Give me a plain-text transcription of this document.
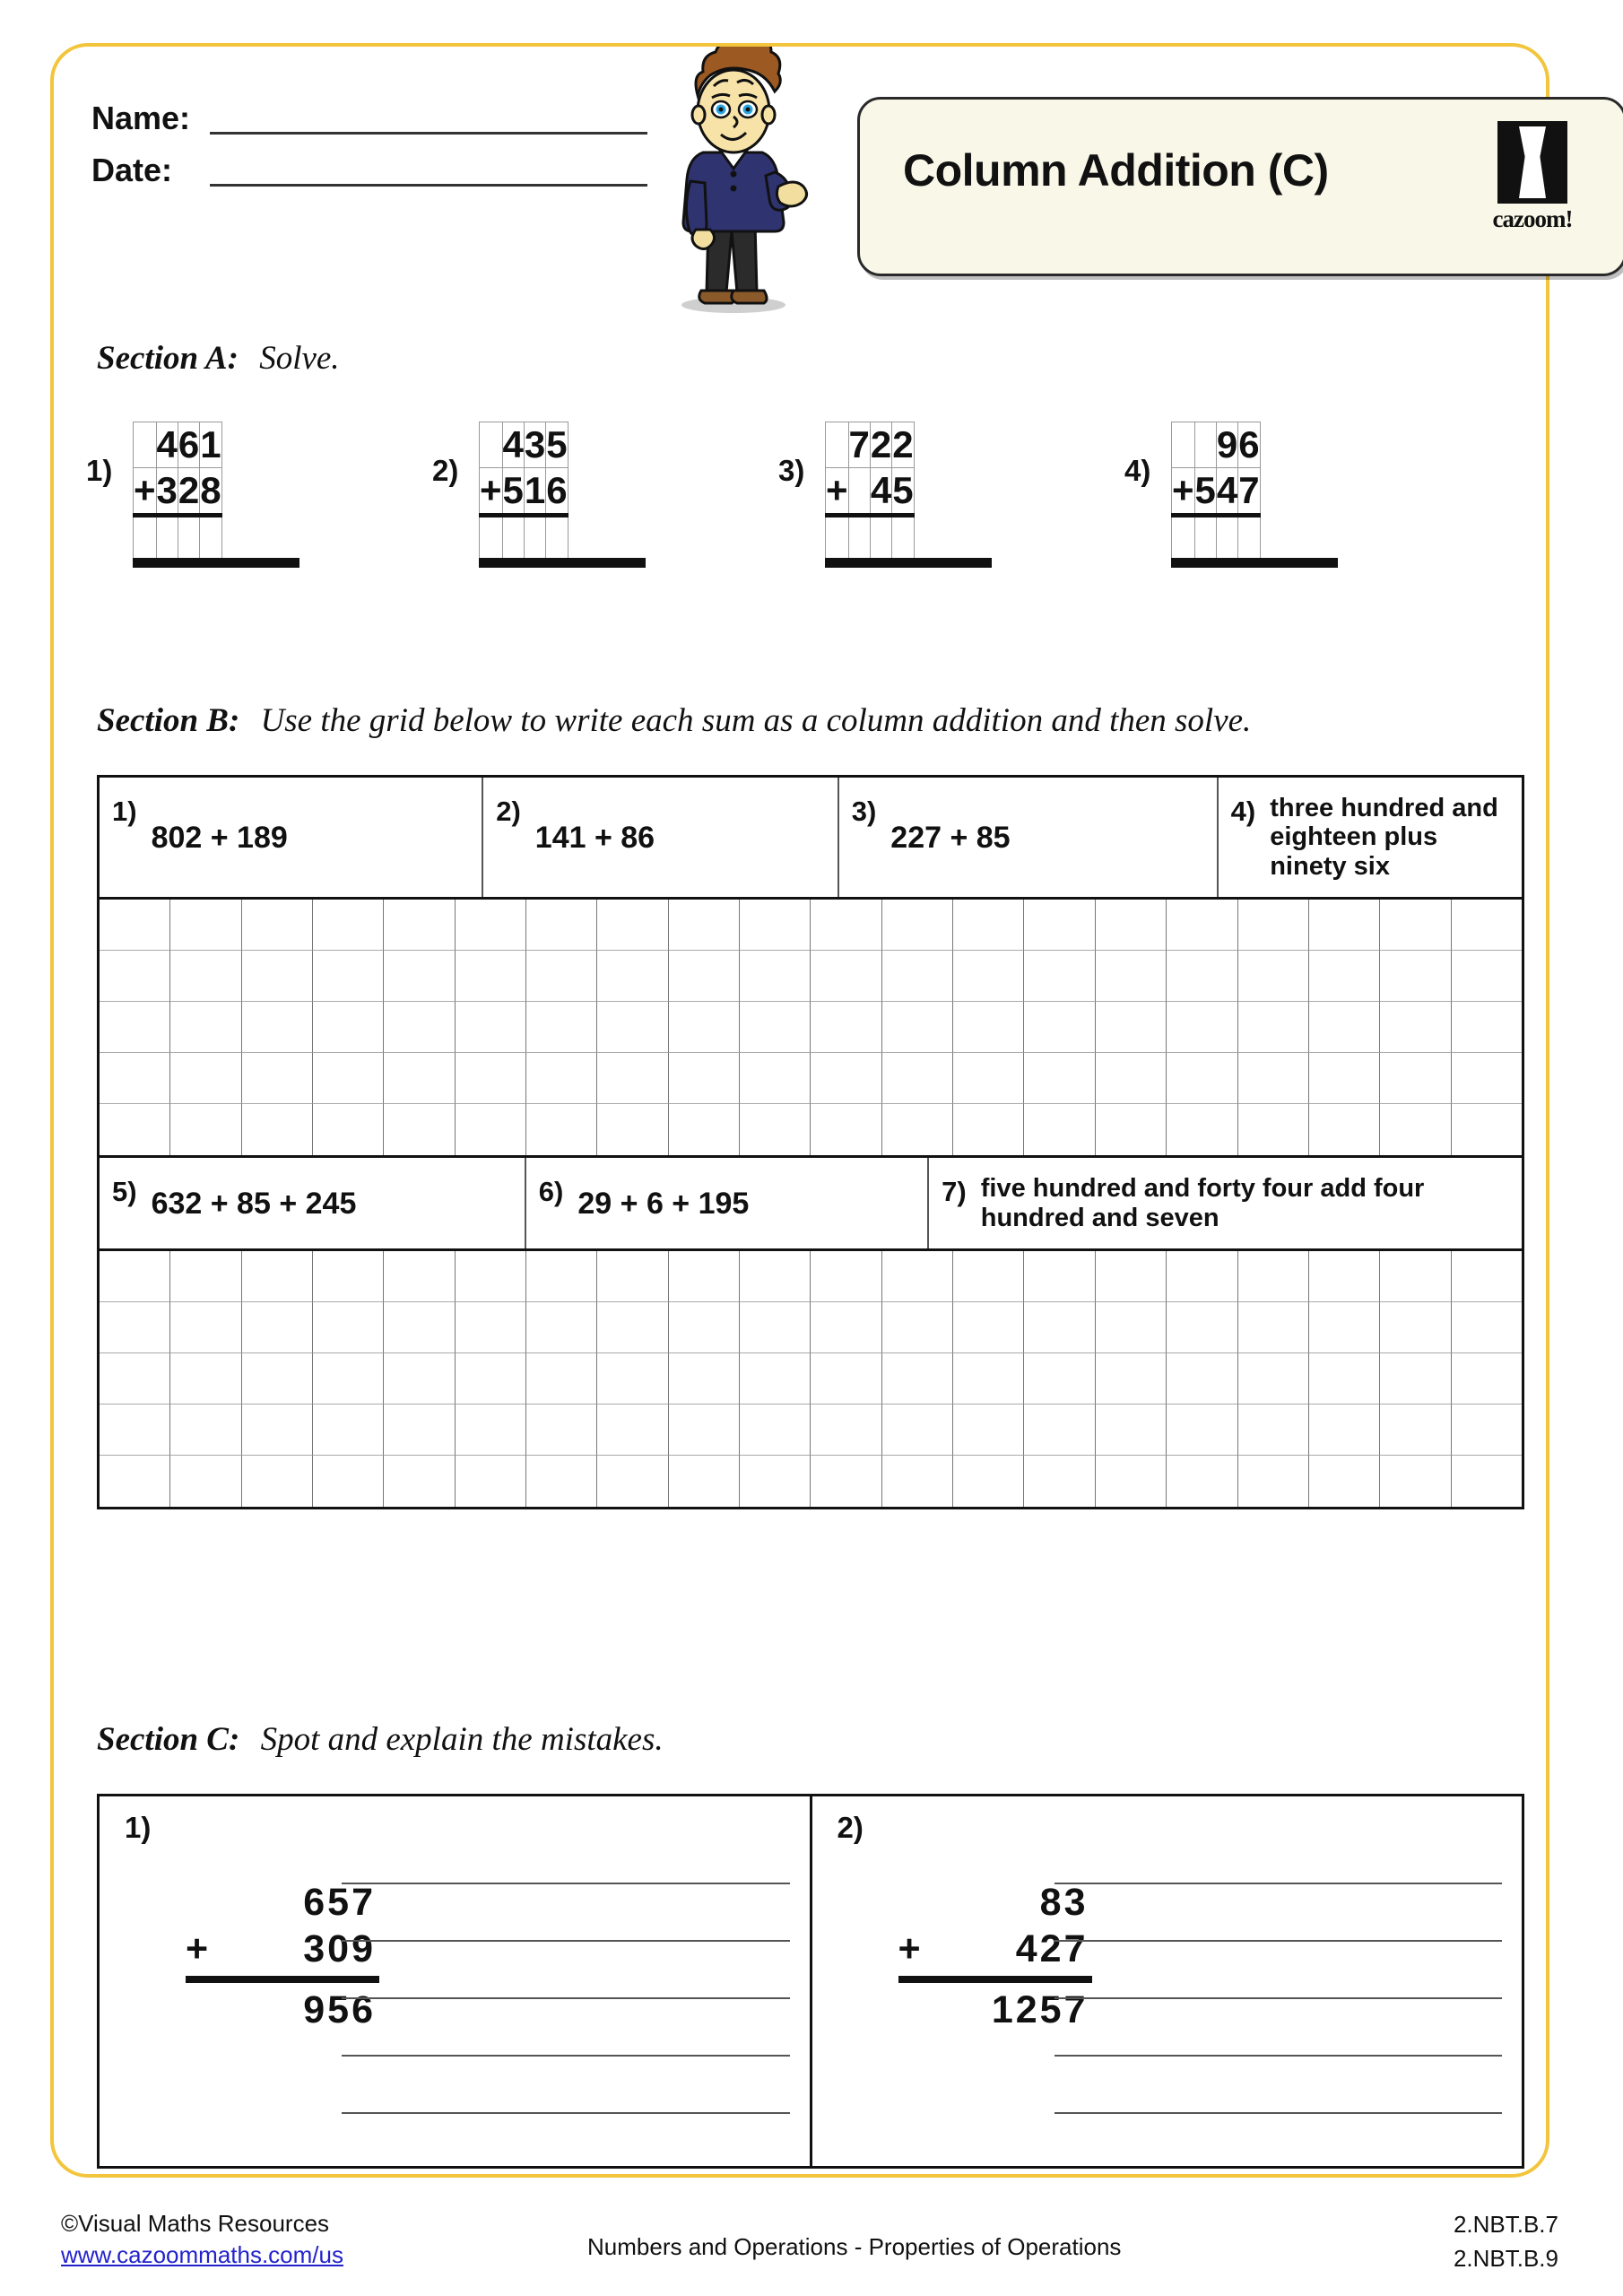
Name:
Date:	Column Addition (C)
cazoom!
Section A: Solve.
1)
	4	6	1
+	3	2	8
				2)
	4	3	5
+	5	1	6
				3)
	7	2	2
+		4	5
				4)
		9	6
+	5	4	7

Section B: Use the grid below to write each sum as a column addition and then solve.
1)
802 + 189
2)
141 + 86
3)
227 + 85
4) three hundred and eighteen plus ninety six
5) 632 + 85 + 245	6) 29 + 6 + 195	7) five hundred and forty four add four hundred and seven
Section C: Spot and explain the mistakes.
1)
657
+ 309
956
2)
83
+ 427
1257
©Visual Maths Resources
www.cazoommaths.com/us	Numbers and Operations - Properties of Operations
2.NBT.B.7
2.NBT.B.9
